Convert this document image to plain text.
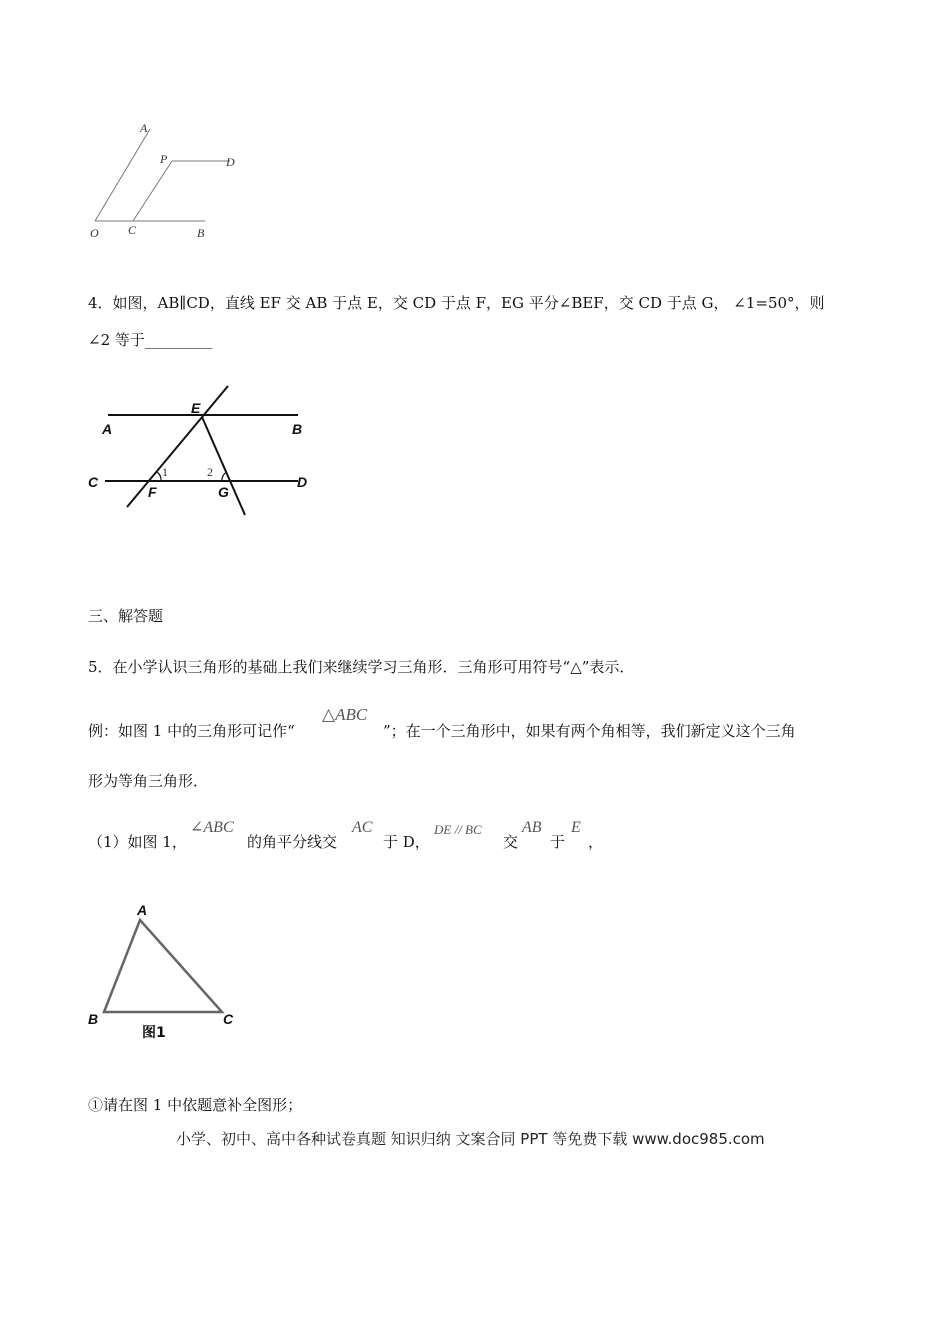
A
P	D
O C	B
4．如图，AB∥CD，直线 EF 交 AB 于点 E，交 CD 于点 F，EG 平分∠BEF，交 CD 于点 G， ∠1=50°，则
∠2 等于_________
E
A	B
C	D
F	G
1	2
三、解答题
5．在小学认识三角形的基础上我们来继续学习三角形．三角形可用符号“△”表示．
例：如图 1 中的三角形可记作“
△ABC
”；在一个三角形中，如果有两个角相等，我们新定义这个三角
形为等角三角形．
（1）如图 1，
∠ABC
的角平分线交
AC
于 D，
DE // BC
交
AB
于
E
，
A
B	C
图1
①请在图 1 中依题意补全图形；
小学、初中、高中各种试卷真题 知识归纳 文案合同 PPT 等免费下载 www.doc985.com
